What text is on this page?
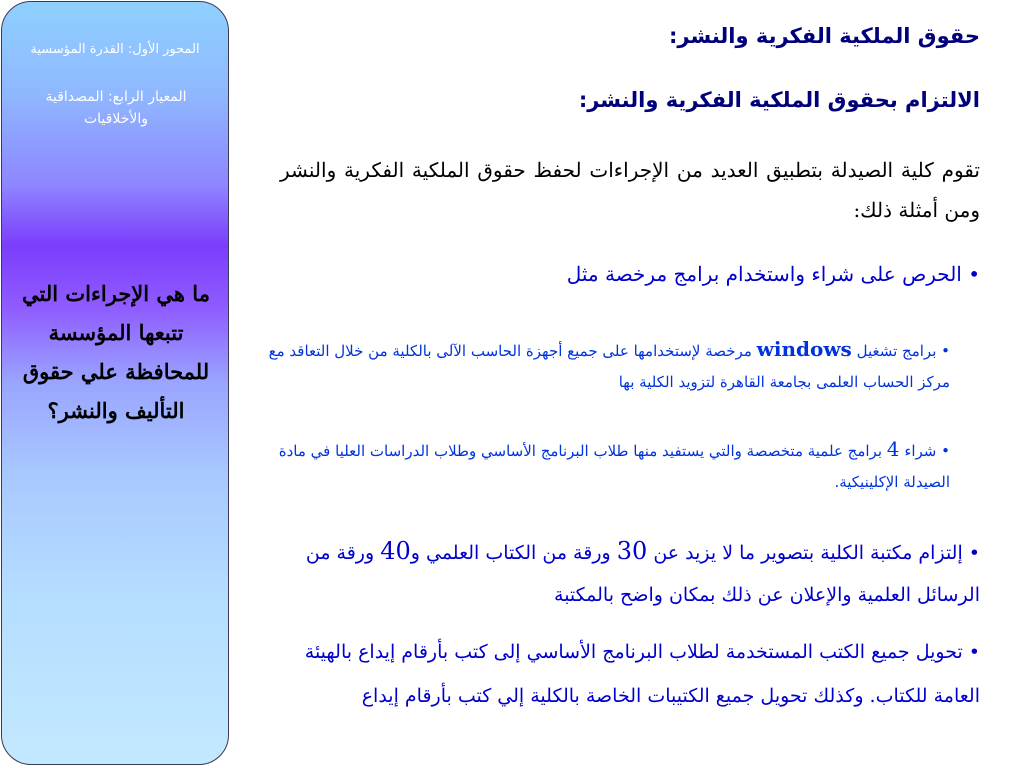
المحور الأول: القدرة المؤسسية
المعيار الرابع: المصداقية والأخلاقيات
ما هي الإجراءات التي تتبعها المؤسسة للمحافظة علي حقوق التأليف والنشر؟
حقوق الملكية الفكرية والنشر:
الالتزام بحقوق الملكية الفكرية والنشر:
تقوم كلية الصيدلة بتطبيق العديد من الإجراءات لحفظ حقوق الملكية الفكرية والنشر ومن أمثلة ذلك:
• الحرص على شراء واستخدام برامج مرخصة مثل
• برامج تشغيل windows مرخصة لإستخدامها على جميع أجهزة الحاسب الآلى بالكلية من خلال التعاقد مع مركز الحساب العلمى بجامعة القاهرة لتزويد الكلية بها
• شراء 4 برامج علمية متخصصة والتي يستفيد منها طلاب البرنامج الأساسي وطلاب الدراسات العليا في مادة الصيدلة الإكلينيكية.
• إلتزام مكتبة الكلية بتصوير ما لا يزيد عن 30 ورقة من الكتاب العلمي و40 ورقة من الرسائل العلمية والإعلان عن ذلك بمكان واضح بالمكتبة
• تحويل جميع الكتب المستخدمة لطلاب البرنامج الأساسي إلى كتب بأرقام إيداع بالهيئة العامة للكتاب. وكذلك تحويل جميع الكتيبات الخاصة بالكلية إلي كتب بأرقام إيداع
